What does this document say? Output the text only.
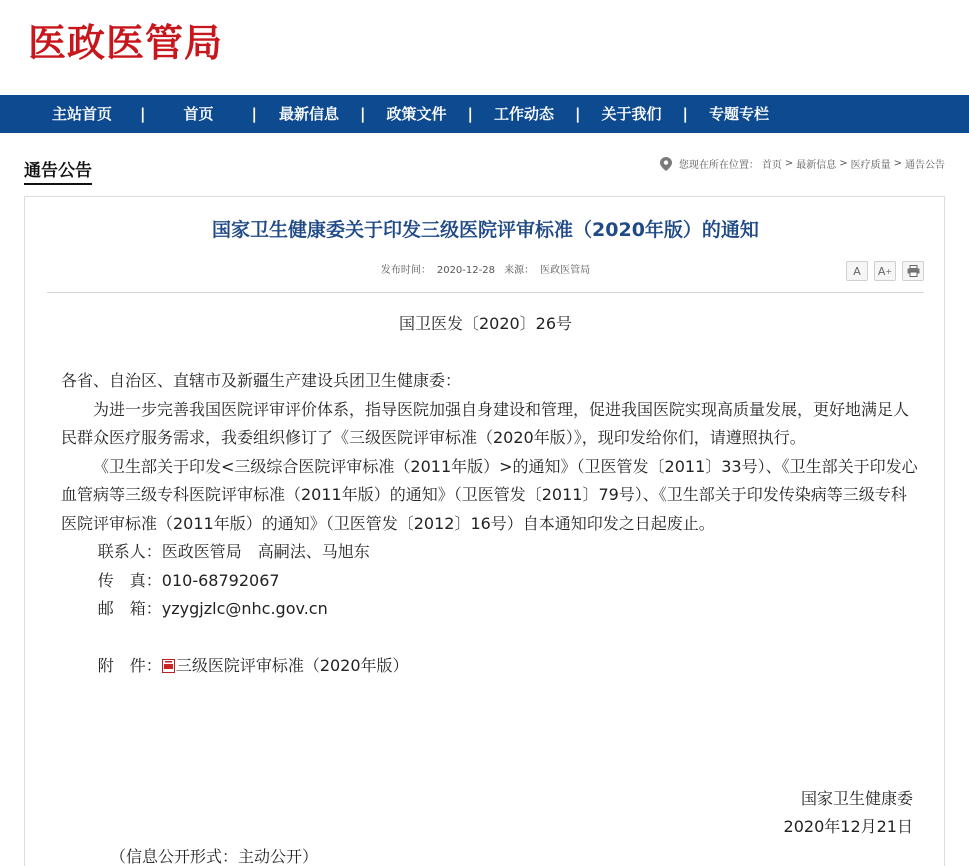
医政医管局
主站首页 |	首页	| 最新信息 | 政策文件 | 工作动态 | 关于我们 | 专题专栏
通告公告	您现在所在位置： 首页 > 最新信息 > 医疗质量 > 通告公告
国家卫生健康委关于印发三级医院评审标准（2020年版）的通知
发布时间： 2020-12-28 来源： 医政医管局	A A +
国卫医发〔2020〕26号

各省、自治区、直辖市及新疆生产建设兵团卫生健康委：

为进一步完善我国医院评审评价体系，指导医院加强自身建设和管理，促进我国医院实现高质量发展，更好地满足人民群众医疗服务需求，我委组织修订了《三级医院评审标准（2020年版）》，现印发给你们，请遵照执行。

《卫生部关于印发<三级综合医院评审标准（2011年版）>的通知》（卫医管发〔2011〕33号）、《卫生部关于印发心血管病等三级专科医院评审标准（2011年版）的通知》（卫医管发〔2011〕79号）、《卫生部关于印发传染病等三级专科医院评审标准（2011年版）的通知》（卫医管发〔2012〕16号）自本通知印发之日起废止。

联系人：医政医管局　高嗣法、马旭东

传　真：010-68792067

邮　箱：yzygjzlc@nhc.gov.cn

附　件： 三级医院评审标准（2020年版）

国家卫生健康委
2020年12月21日
（信息公开形式：主动公开）
